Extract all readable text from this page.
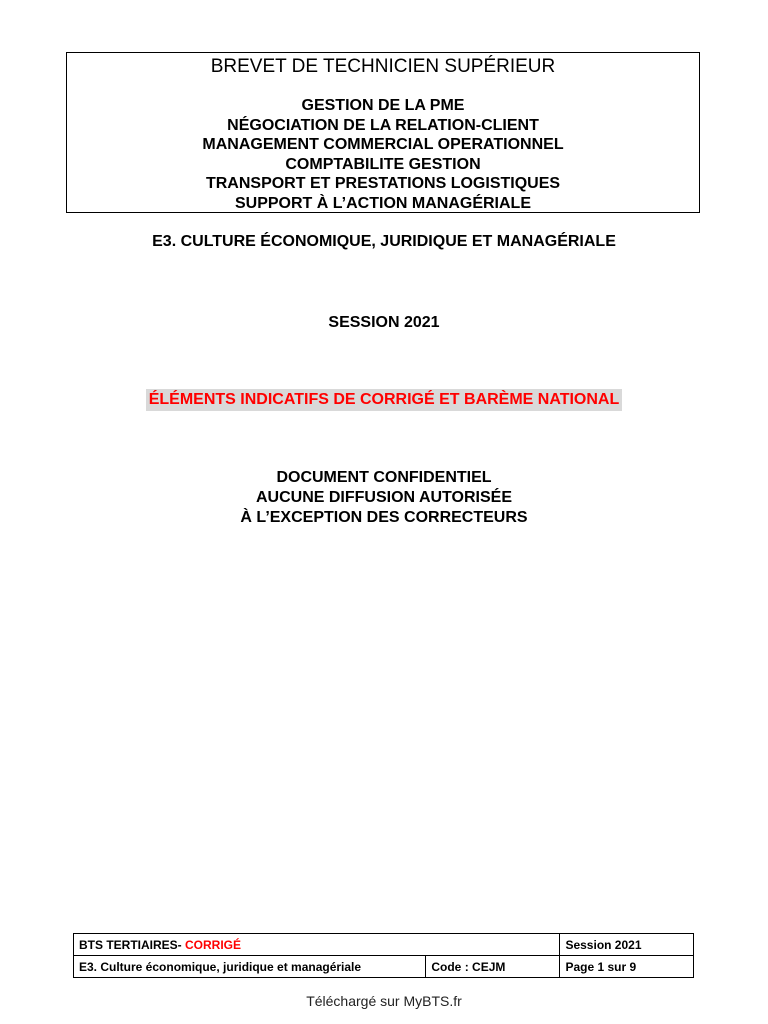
BREVET DE TECHNICIEN SUPÉRIEUR
GESTION DE LA PME
NÉGOCIATION DE LA RELATION-CLIENT
MANAGEMENT COMMERCIAL OPERATIONNEL
COMPTABILITE GESTION
TRANSPORT ET PRESTATIONS LOGISTIQUES
SUPPORT À L’ACTION MANAGÉRIALE

E3. CULTURE ÉCONOMIQUE, JURIDIQUE ET MANAGÉRIALE

SESSION 2021

ÉLÉMENTS INDICATIFS DE CORRIGÉ ET BARÈME NATIONAL
DOCUMENT CONFIDENTIEL
AUCUNE DIFFUSION AUTORISÉE
À L’EXCEPTION DES CORRECTEURS
BTS TERTIAIRES- CORRIGÉ		Session 2021
E3. Culture économique, juridique et managériale	Code : CEJM	Page 1 sur 9
Téléchargé sur MyBTS.fr
